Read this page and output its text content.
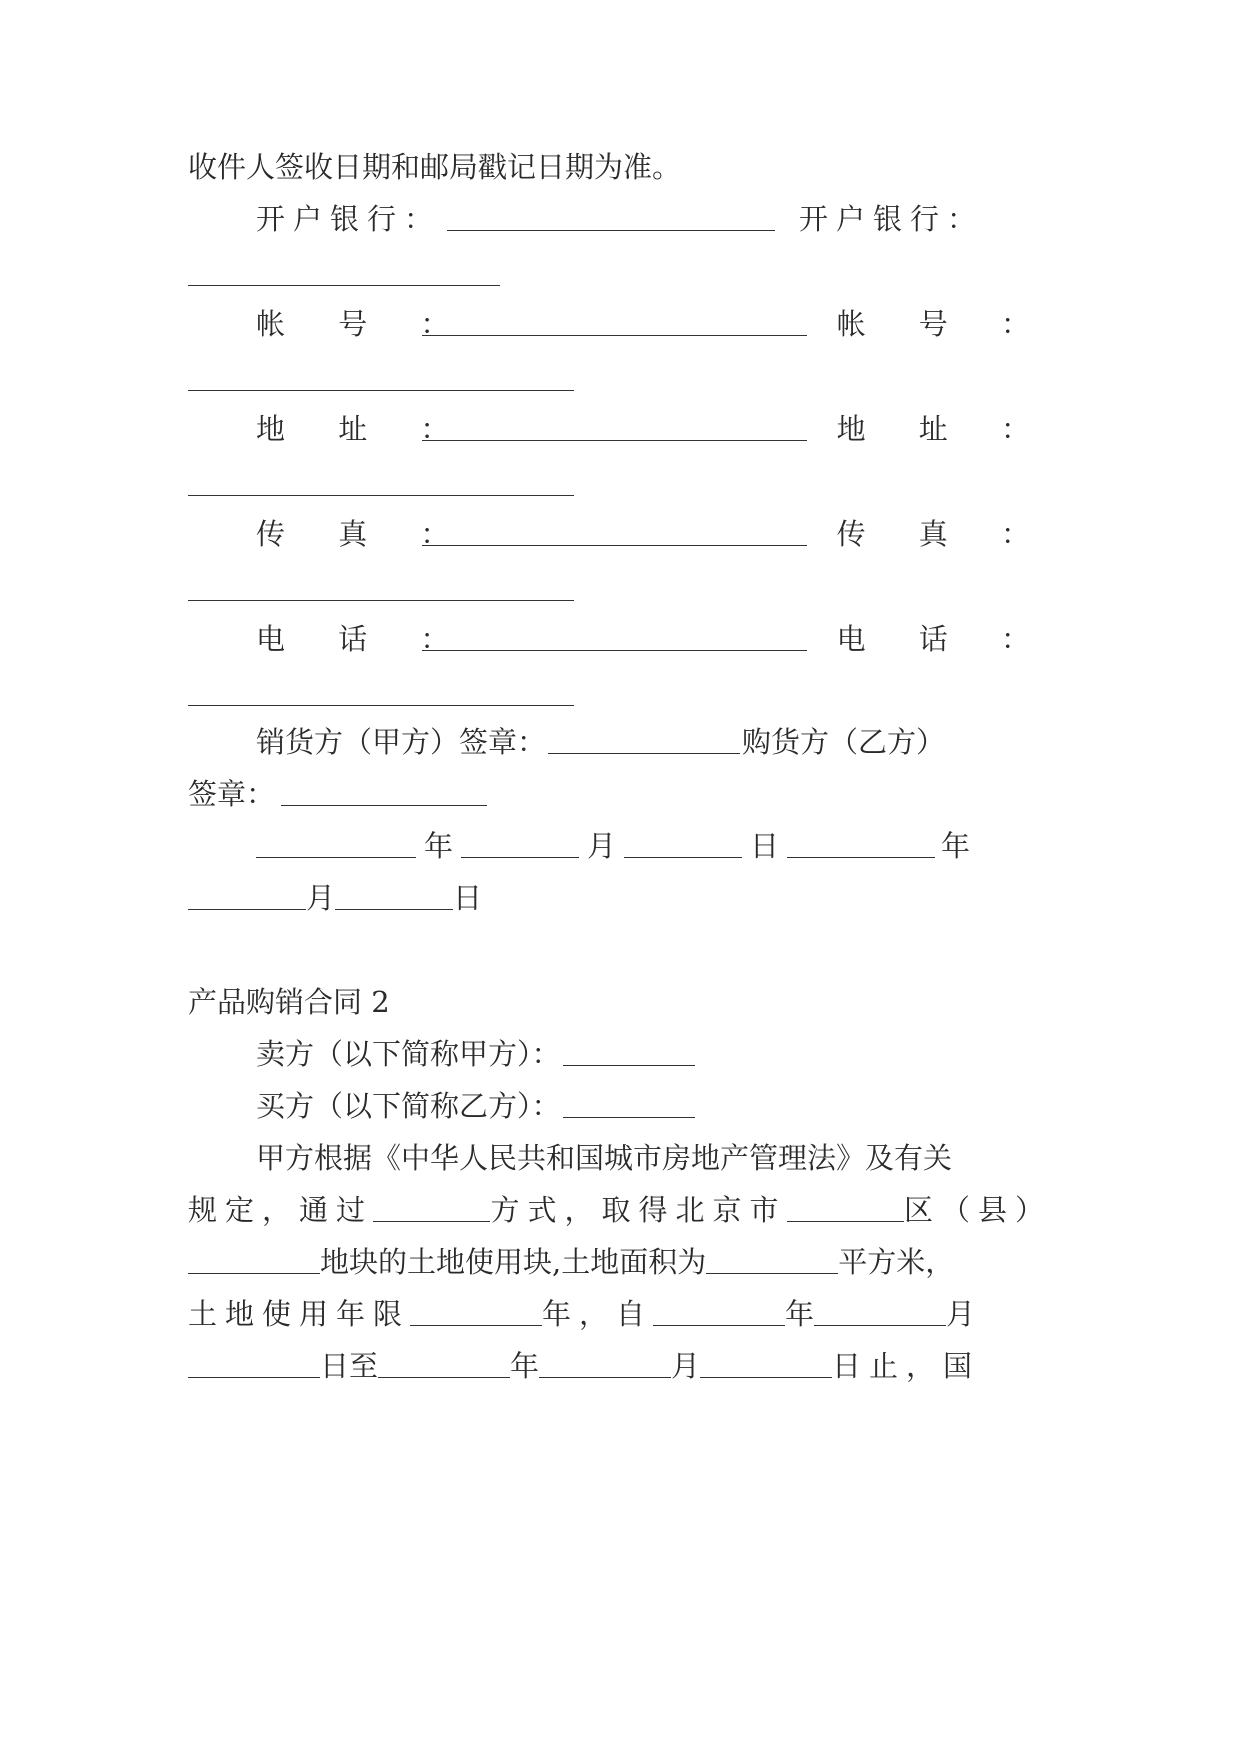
收件人签收日期和邮局戳记日期为准。
开户银行：	开户银行：
帐 号 ：	帐 号 ：
地 址 ：	地 址 ：
传 真 ：	传 真 ：
电 话 ：	电 话 ：
销货方（甲方）签章：	购货方（乙方）
签章：
年	月	日	年
月	日
产品购销合同 2
卖方（以下简称甲方）：
买方（以下简称乙方）：
甲方根据《中华人民共和国城市房地产管理法》及有关
规定，通过	方式，取得北京市	区（县）
地块的土地使用块,土地面积为	平方米，
土地使用年限	年，自	年	月
日至	年	月	日止，国
